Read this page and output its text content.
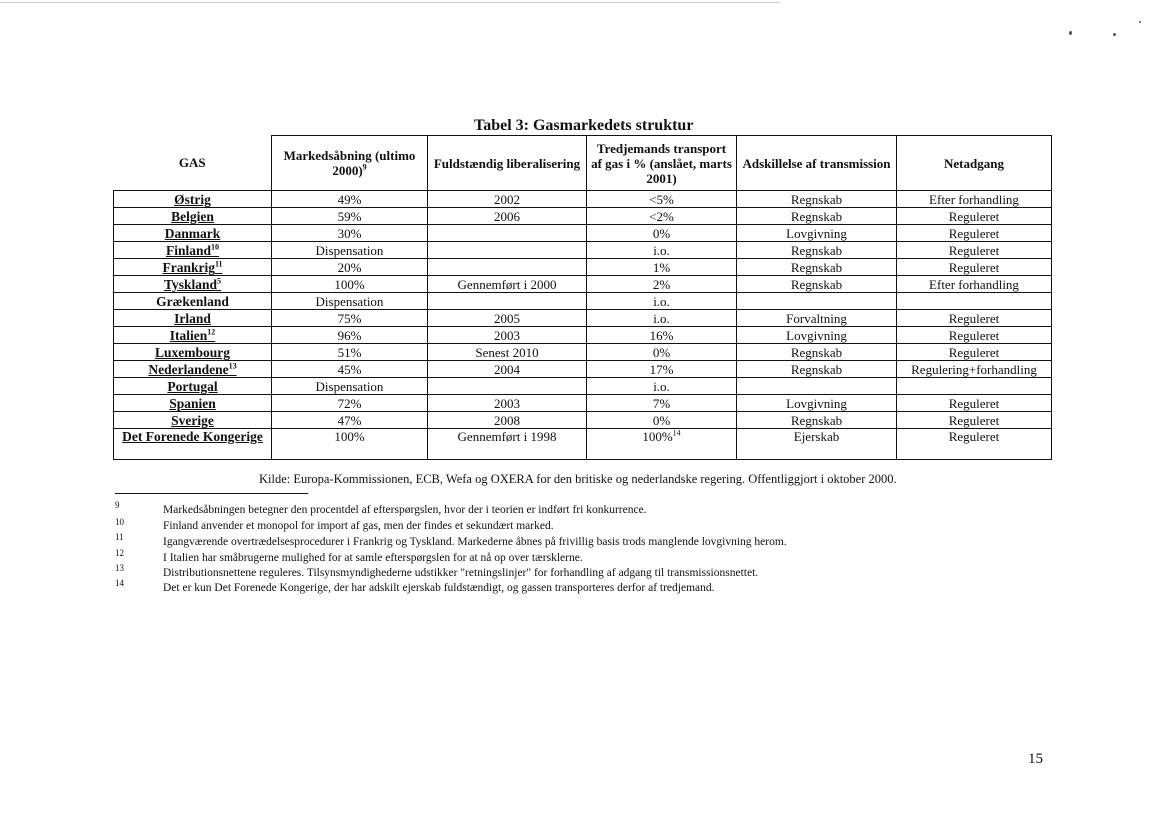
Tabel 3: Gasmarkedets struktur
GAS	Markedsåbning (ultimo 2000)$^9$	Fuldstændig liberalisering	Tredjemands transport af gas i % (anslået, marts 2001)	Adskillelse af transmission	Netadgang
Østrig	49%	2002	<5%	Regnskab	Efter forhandling
Belgien	59%	2006	<2%	Regnskab	Reguleret
Danmark	30%		0%	Lovgivning	Reguleret
Finland$^{10}$	Dispensation		i.o.	Regnskab	Reguleret
Frankrig$^{11}$	20%		1%	Regnskab	Reguleret
Tyskland$^5$	100%	Gennemført i 2000	2%	Regnskab	Efter forhandling
Grækenland	Dispensation		i.o.		
Irland	75%	2005	i.o.	Forvaltning	Reguleret
Italien$^{12}$	96%	2003	16%	Lovgivning	Reguleret
Luxembourg	51%	Senest 2010	0%	Regnskab	Reguleret
Nederlandene$^{13}$	45%	2004	17%	Regnskab	Regulering+forhandling
Portugal	Dispensation		i.o.		
Spanien	72%	2003	7%	Lovgivning	Reguleret
Sverige	47%	2008	0%	Regnskab	Reguleret
Det Forenede Kongerige	100%	Gennemført i 1998	100%$^{14}$	Ejerskab	Reguleret
Kilde: Europa-Kommissionen, ECB, Wefa og OXERA for den britiske og nederlandske regering. Offentliggjort i oktober 2000.
9	Markedsåbningen betegner den procentdel af efterspørgslen, hvor der i teorien er indført fri konkurrence.
10	Finland anvender et monopol for import af gas, men der findes et sekundært marked.
11	Igangværende overtrædelsesprocedurer i Frankrig og Tyskland. Markederne åbnes på frivillig basis trods manglende lovgivning herom.
12	I Italien har småbrugerne mulighed for at samle efterspørgslen for at nå op over tærsklerne.
13	Distributionsnettene reguleres. Tilsynsmyndighederne udstikker "retningslinjer" for forhandling af adgang til transmissionsnettet.
14	Det er kun Det Forenede Kongerige, der har adskilt ejerskab fuldstændigt, og gassen transporteres derfor af tredjemand.
15
